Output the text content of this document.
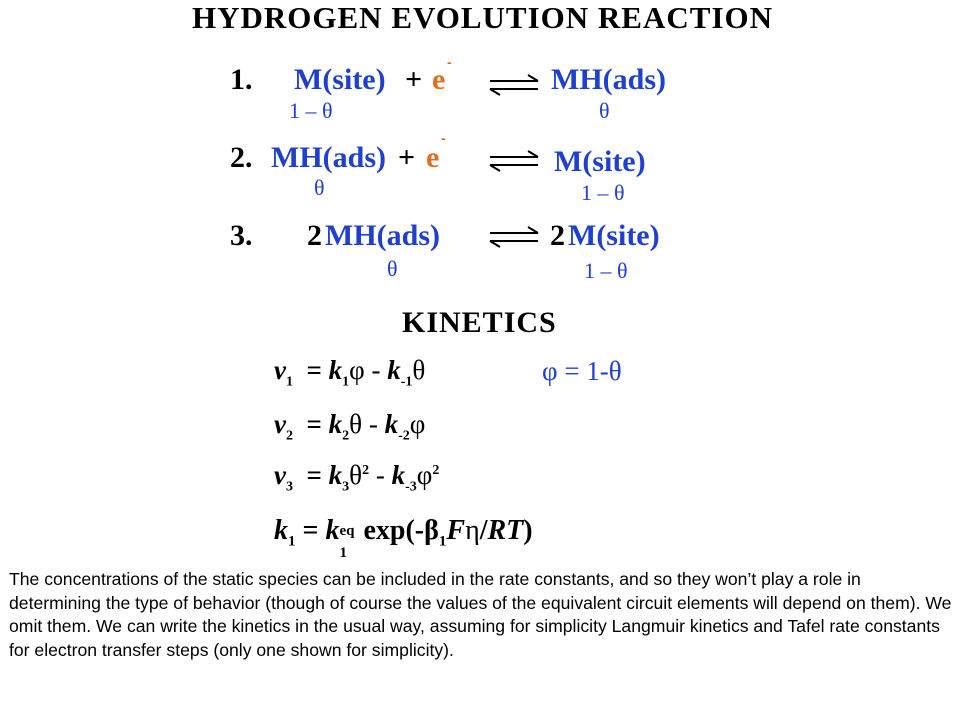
HYDROGEN EVOLUTION REACTION
1. M(site) + e
-
⇌ MH(ads)
1 – θ	θ
2. MH(ads) + e
-
⇌ M(site)
θ	1 – θ
3. 2 MH(ads)	⇌ 2 M(site)
θ	1 – θ
KINETICS
$v_1 = k_1\varphi - k_{-1}\theta$	φ = 1-θ
$v_2 = k_2\theta - k_{-2}\varphi$
$v_3 = k_3\theta^2 - k_{-3}\varphi^2$
$k_1 = k$ eq
1
$\exp(-\beta_1F\eta/RT)$
The concentrations of the static species can be included in the rate constants, and so they won’t play a role in determining the type of behavior (though of course the values of the equivalent circuit elements will depend on them). We omit them. We can write the kinetics in the usual way, assuming for simplicity Langmuir kinetics and Tafel rate constants for electron transfer steps (only one shown for simplicity).
